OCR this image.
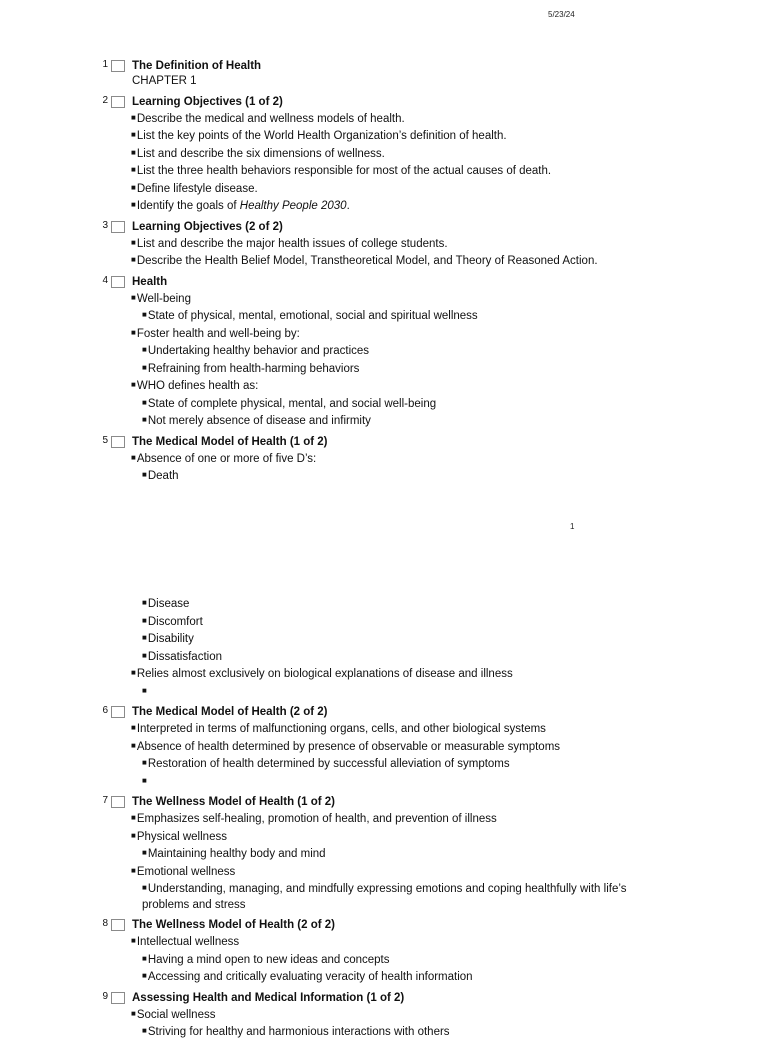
5/23/24
1
1 The Definition of Health
CHAPTER 1
2 Learning Objectives (1 of 2)
■Describe the medical and wellness models of health.
■List the key points of the World Health Organization’s definition of health.
■List and describe the six dimensions of wellness.
■List the three health behaviors responsible for most of the actual causes of death.
■Define lifestyle disease.
■Identify the goals of Healthy People 2030.
3 Learning Objectives (2 of 2)
■List and describe the major health issues of college students.
■Describe the Health Belief Model, Transtheoretical Model, and Theory of Reasoned Action.
4 Health
■Well-being
■State of physical, mental, emotional, social and spiritual wellness
■Foster health and well-being by:
■Undertaking healthy behavior and practices
■Refraining from health-harming behaviors
■WHO defines health as:
■State of complete physical, mental, and social well-being
■Not merely absence of disease and infirmity
5 The Medical Model of Health (1 of 2)
■Absence of one or more of five D’s:
■Death
■Disease
■Discomfort
■Disability
■Dissatisfaction
■Relies almost exclusively on biological explanations of disease and illness
■
6 The Medical Model of Health (2 of 2)
■Interpreted in terms of malfunctioning organs, cells, and other biological systems
■Absence of health determined by presence of observable or measurable symptoms
■Restoration of health determined by successful alleviation of symptoms
■
7 The Wellness Model of Health (1 of 2)
■Emphasizes self-healing, promotion of health, and prevention of illness
■Physical wellness
■Maintaining healthy body and mind
■Emotional wellness
■Understanding, managing, and mindfully expressing emotions and coping healthfully with life’s problems and stress
8 The Wellness Model of Health (2 of 2)
■Intellectual wellness
■Having a mind open to new ideas and concepts
■Accessing and critically evaluating veracity of health information
9 Assessing Health and Medical Information (1 of 2)
■Social wellness
■Striving for healthy and harmonious interactions with others
